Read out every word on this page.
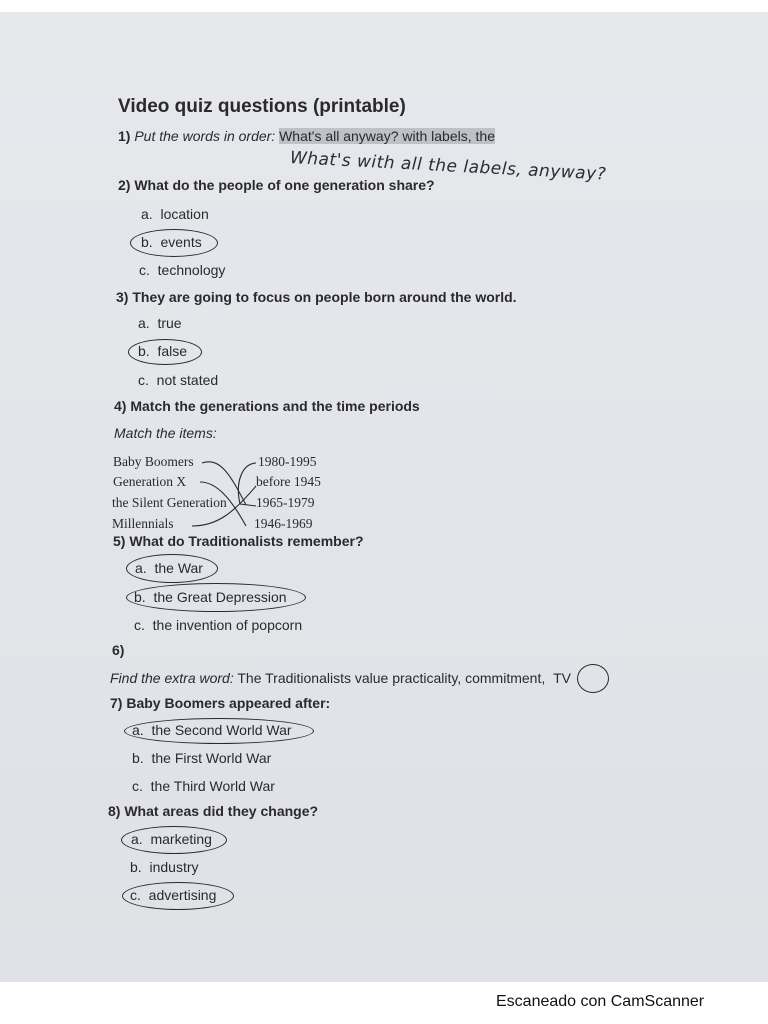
Video quiz questions (printable)
1) Put the words in order: What's all anyway? with labels, the
What's with all the labels, anyway?
2) What do the people of one generation share?
a. location
b. events
c. technology
3) They are going to focus on people born around the world.
a. true
b. false
c. not stated
4) Match the generations and the time periods
Match the items:
Baby Boomers
Generation X
the Silent Generation
Millennials
1980-1995
before 1945
1965-1979
1946-1969
5) What do Traditionalists remember?
a. the War
b. the Great Depression
c. the invention of popcorn
6)
Find the extra word: The Traditionalists value practicality, commitment, TV
7) Baby Boomers appeared after:
a. the Second World War
b. the First World War
c. the Third World War
8) What areas did they change?
a. marketing
b. industry
c. advertising
Escaneado con CamScanner
